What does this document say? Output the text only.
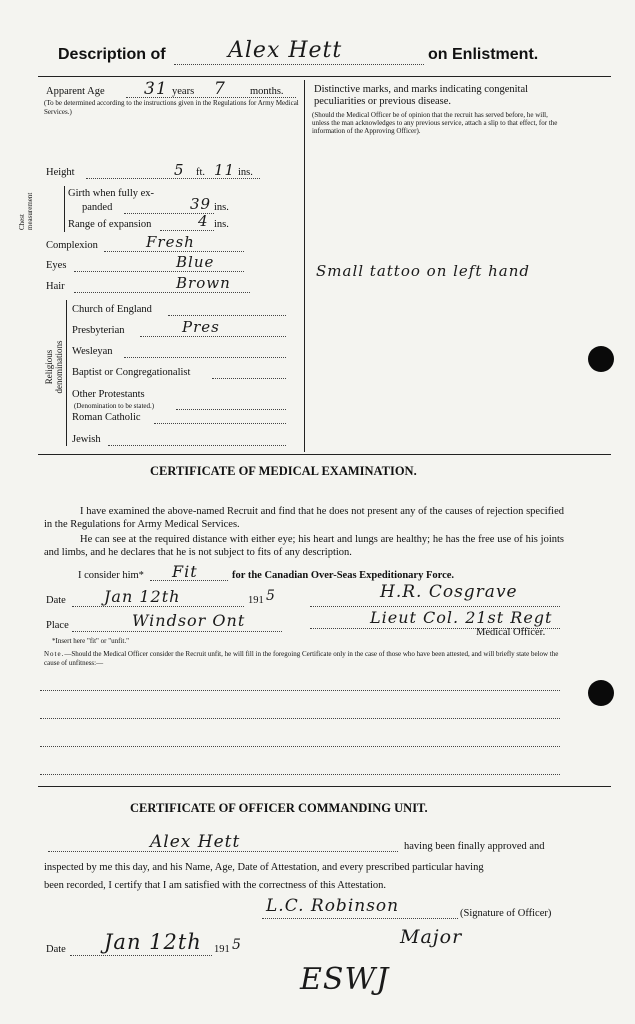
Description of	Alex Hett	on Enlistment.
Apparent Age 31 years 7 months.
(To be determined according to the instructions given in the Regulations for Army Medical Services.)
Height	5 ft. 11 ins.
Chest measurement	Girth when fully ex-
panded	39 ins.
Range of expansion	4 ins.
Complexion	Fresh
Eyes	Blue
Hair	Brown
Religious denominations
Church of England
Presbyterian	Pres
Wesleyan
Baptist or Congregationalist
Other Protestants
(Denomination to be stated.)
Roman Catholic
Jewish
Distinctive marks, and marks indicating congenital
peculiarities or previous disease.
(Should the Medical Officer be of opinion that the recruit has served before, he will, unless the man acknowledges to any previous service, attach a slip to that effect, for the information of the Approving Officer).
Small tattoo on left hand
CERTIFICATE OF MEDICAL EXAMINATION.
I have examined the above-named Recruit and find that he does not present any of the causes of rejection specified in the Regulations for Army Medical Services.
He can see at the required distance with either eye; his heart and lungs are healthy; he has the free use of his joints and limbs, and he declares that he is not subject to fits of any description.
I consider him* Fit	for the Canadian Over-Seas Expeditionary Force.
Date Jan 12th	191 5	H.R. Cosgrave
Place	Windsor Ont	Lieut Col. 21st Regt
Medical Officer.
*Insert here "fit" or "unfit."
Note.—Should the Medical Officer consider the Recruit unfit, he will fill in the foregoing Certificate only in the case of those who have been attested, and will briefly state below the cause of unfitness:—
CERTIFICATE OF OFFICER COMMANDING UNIT.
Alex Hett	having been finally approved and
inspected by me this day, and his Name, Age, Date of Attestation, and every prescribed particular having
been recorded, I certify that I am satisfied with the correctness of this Attestation.
L.C. Robinson	(Signature of Officer)
Major
Date Jan 12th 191 5
ESWJ
